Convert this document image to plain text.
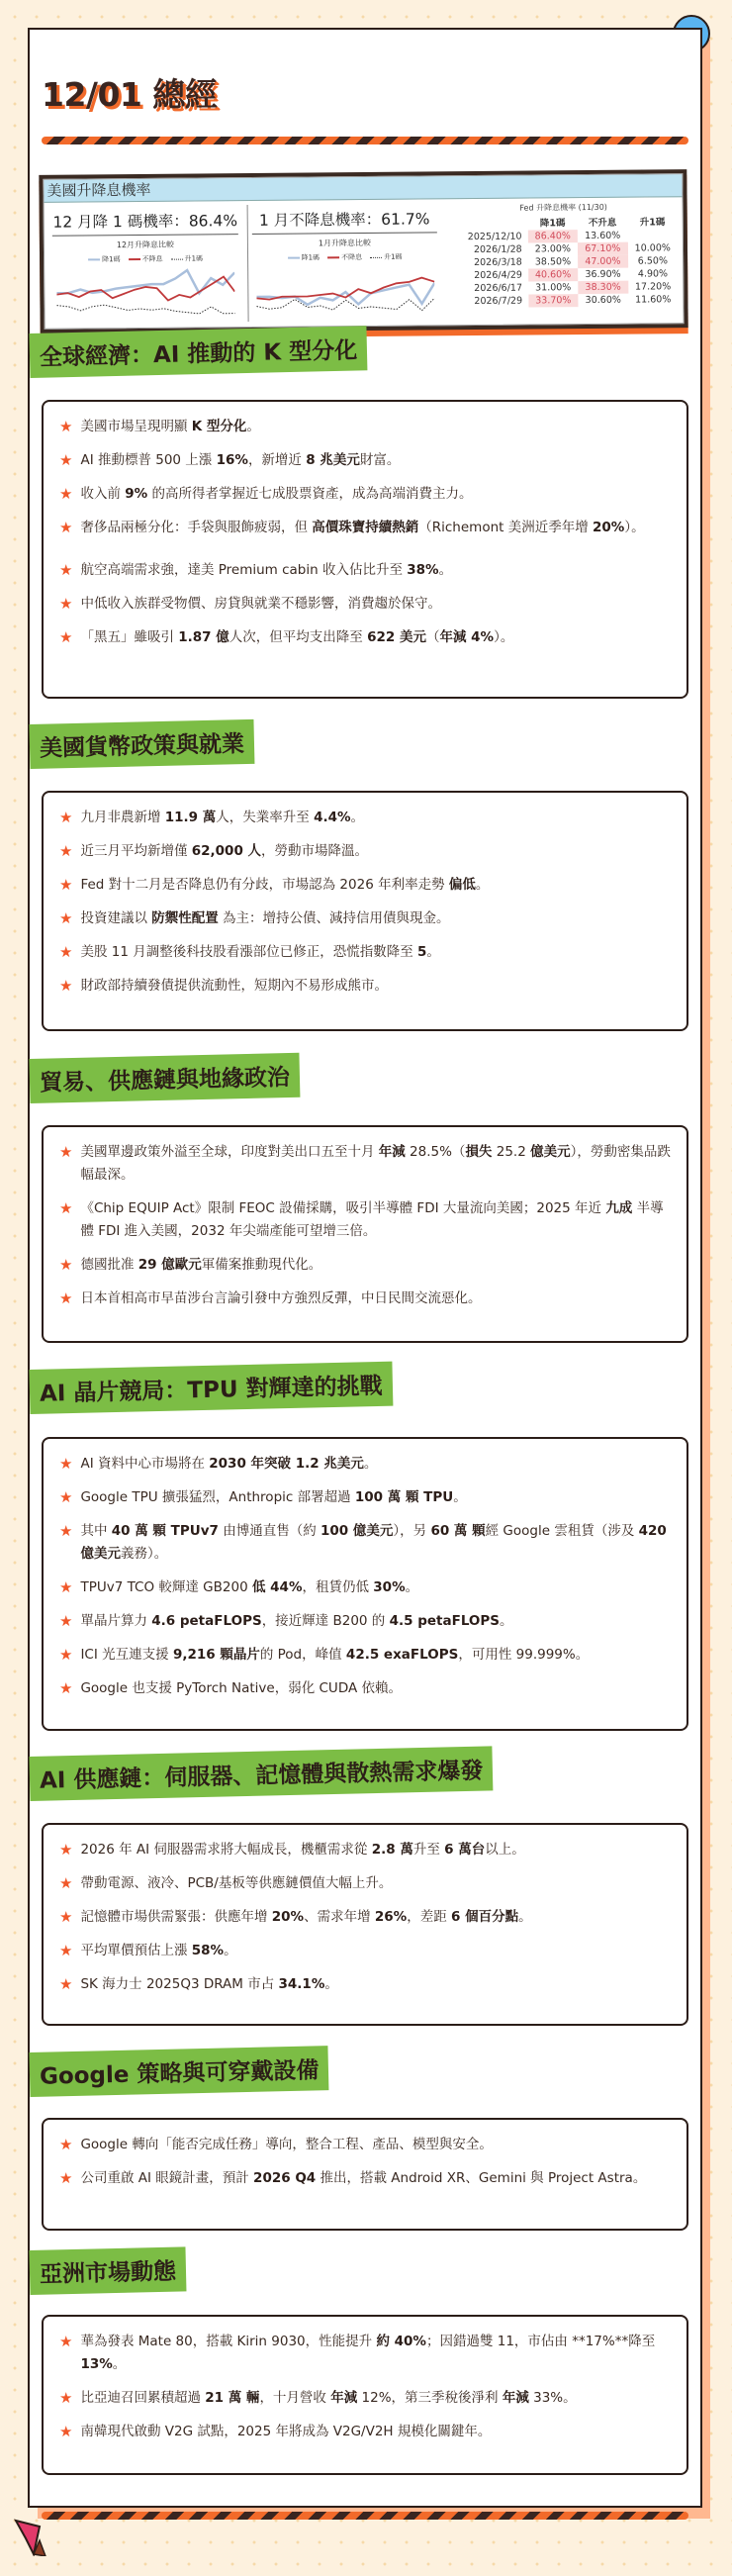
12/01 總經
美國升降息機率
12 月降 1 碼機率：86.4%
12月升降息比較
降1碼	不降息	升1碼
1 月不降息機率：61.7%
1月升降息比較
降1碼	不降息	升1碼
Fed 升降息機率 (11/30)
	降1碼	不升息	升1碼
2025/12/10	86.40%	13.60%	
2026/1/28	23.00%	67.10%	10.00%
2026/3/18	38.50%	47.00%	6.50%
2026/4/29	40.60%	36.90%	4.90%
2026/6/17	31.00%	38.30%	17.20%
2026/7/29	33.70%	30.60%	11.60%
全球經濟：AI 推動的 K 型分化
★ 美國市場呈現明顯 K 型分化。
★ AI 推動標普 500 上漲 16%，新增近 8 兆美元財富。
★ 收入前 9% 的高所得者掌握近七成股票資產，成為高端消費主力。
★ 奢侈品兩極分化：手袋與服飾疲弱，但 高價珠寶持續熱銷（Richemont 美洲近季年增 20%）。
★ 航空高端需求強，達美 Premium cabin 收入佔比升至 38%。
★ 中低收入族群受物價、房貸與就業不穩影響，消費趨於保守。
★ 「黑五」雖吸引 1.87 億人次，但平均支出降至 622 美元（年減 4%）。
美國貨幣政策與就業
★ 九月非農新增 11.9 萬人，失業率升至 4.4%。
★ 近三月平均新增僅 62,000 人，勞動市場降溫。
★ Fed 對十二月是否降息仍有分歧，市場認為 2026 年利率走勢 偏低。
★ 投資建議以 防禦性配置 為主：增持公債、減持信用債與現金。
★ 美股 11 月調整後科技股看漲部位已修正，恐慌指數降至 5。
★ 財政部持續發債提供流動性，短期內不易形成熊市。
貿易、供應鏈與地緣政治
★ 美國單邊政策外溢至全球，印度對美出口五至十月 年減 28.5%（損失 25.2 億美元），勞動密集品跌幅最深。
★ 《Chip EQUIP Act》限制 FEOC 設備採購，吸引半導體 FDI 大量流向美國；2025 年近 九成 半導體 FDI 進入美國，2032 年尖端產能可望增三倍。
★ 德國批准 29 億歐元軍備案推動現代化。
★ 日本首相高市早苗涉台言論引發中方強烈反彈，中日民間交流惡化。
AI 晶片競局：TPU 對輝達的挑戰
★ AI 資料中心市場將在 2030 年突破 1.2 兆美元。
★ Google TPU 擴張猛烈，Anthropic 部署超過 100 萬 顆 TPU。
★ 其中 40 萬 顆 TPUv7 由博通直售（約 100 億美元），另 60 萬 顆經 Google 雲租賃（涉及 420 億美元義務）。
★ TPUv7 TCO 較輝達 GB200 低 44%，租賃仍低 30%。
★ 單晶片算力 4.6 petaFLOPS，接近輝達 B200 的 4.5 petaFLOPS。
★ ICI 光互連支援 9,216 顆晶片的 Pod，峰值 42.5 exaFLOPS，可用性 99.999%。
★ Google 也支援 PyTorch Native，弱化 CUDA 依賴。
AI 供應鏈：伺服器、記憶體與散熱需求爆發
★ 2026 年 AI 伺服器需求將大幅成長，機櫃需求從 2.8 萬升至 6 萬台以上。
★ 帶動電源、液冷、PCB/基板等供應鏈價值大幅上升。
★ 記憶體市場供需緊張：供應年增 20%、需求年增 26%，差距 6 個百分點。
★ 平均單價預估上漲 58%。
★ SK 海力士 2025Q3 DRAM 市占 34.1%。
Google 策略與可穿戴設備
★ Google 轉向「能否完成任務」導向，整合工程、產品、模型與安全。
★ 公司重啟 AI 眼鏡計畫，預計 2026 Q4 推出，搭載 Android XR、Gemini 與 Project Astra。
亞洲市場動態
★ 華為發表 Mate 80，搭載 Kirin 9030，性能提升 約 40%；因錯過雙 11，市佔由 **17%**降至 13%。
★ 比亞迪召回累積超過 21 萬 輛，十月營收 年減 12%，第三季稅後淨利 年減 33%。
★ 南韓現代啟動 V2G 試點，2025 年將成為 V2G/V2H 規模化關鍵年。
